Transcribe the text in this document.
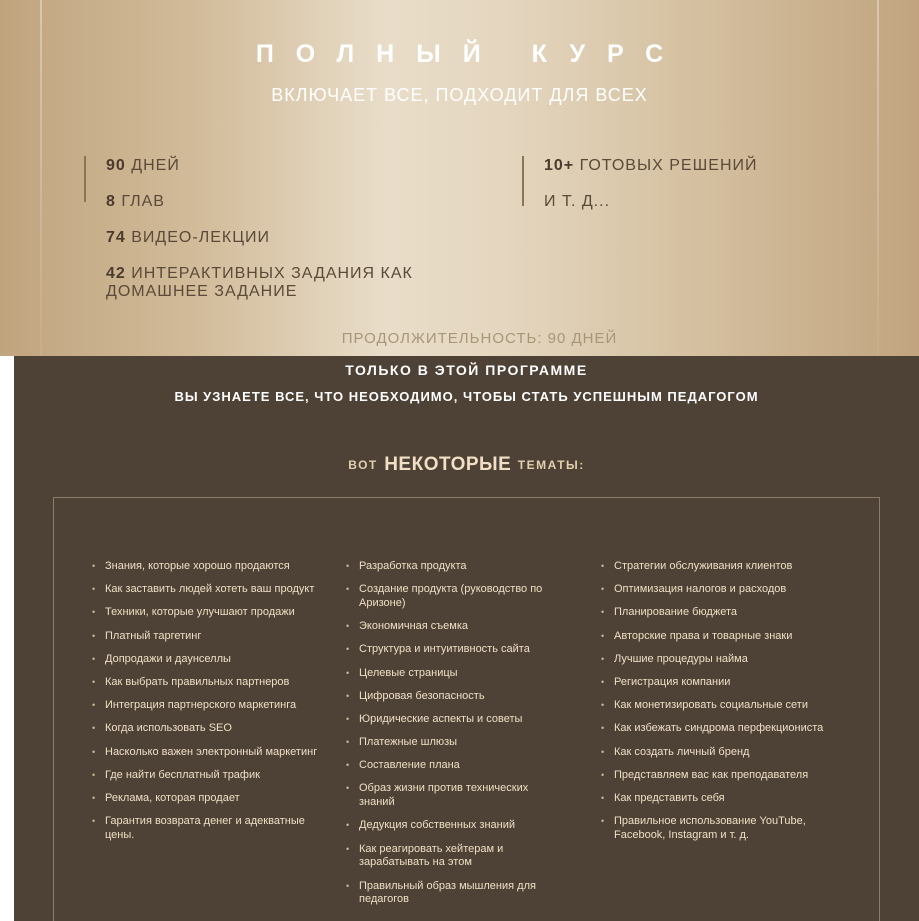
ПОЛНЫЙ КУРС
ВКЛЮЧАЕТ ВСЕ, ПОДХОДИТ ДЛЯ ВСЕХ
90 ДНЕЙ
8 ГЛАВ
74 ВИДЕО-ЛЕКЦИИ
42 ИНТЕРАКТИВНЫХ ЗАДАНИЯ КАК ДОМАШНЕЕ ЗАДАНИЕ
10+ ГОТОВЫХ РЕШЕНИЙ
И Т. Д...
ПРОДОЛЖИТЕЛЬНОСТЬ: 90 ДНЕЙ
ТОЛЬКО В ЭТОЙ ПРОГРАММЕ
ВЫ УЗНАЕТЕ ВСЕ, ЧТО НЕОБХОДИМО, ЧТОБЫ СТАТЬ УСПЕШНЫМ ПЕДАГОГОМ
ВОТ НЕКОТОРЫЕ ТЕМАТЫ:
• Знания, которые хорошо продаются
• Как заставить людей хотеть ваш продукт
• Техники, которые улучшают продажи
• Платный таргетинг
• Допродажи и даунселлы
• Как выбрать правильных партнеров
• Интеграция партнерского маркетинга
• Когда использовать SEO
• Насколько важен электронный маркетинг
• Где найти бесплатный трафик
• Реклама, которая продает
• Гарантия возврата денег и адекватные цены.
• Разработка продукта
• Создание продукта (руководство по Аризоне)
• Экономичная съемка
• Структура и интуитивность сайта
• Целевые страницы
• Цифровая безопасность
• Юридические аспекты и советы
• Платежные шлюзы
• Составление плана
• Образ жизни против технических знаний
• Дедукция собственных знаний
• Как реагировать хейтерам и зарабатывать на этом
• Правильный образ мышления для педагогов
• Стратегии обслуживания клиентов
• Оптимизация налогов и расходов
• Планирование бюджета
• Авторские права и товарные знаки
• Лучшие процедуры найма
• Регистрация компании
• Как монетизировать социальные сети
• Как избежать синдрома перфекциониста
• Как создать личный бренд
• Представляем вас как преподавателя
• Как представить себя
• Правильное использование YouTube, Facebook, Instagram и т. д.
